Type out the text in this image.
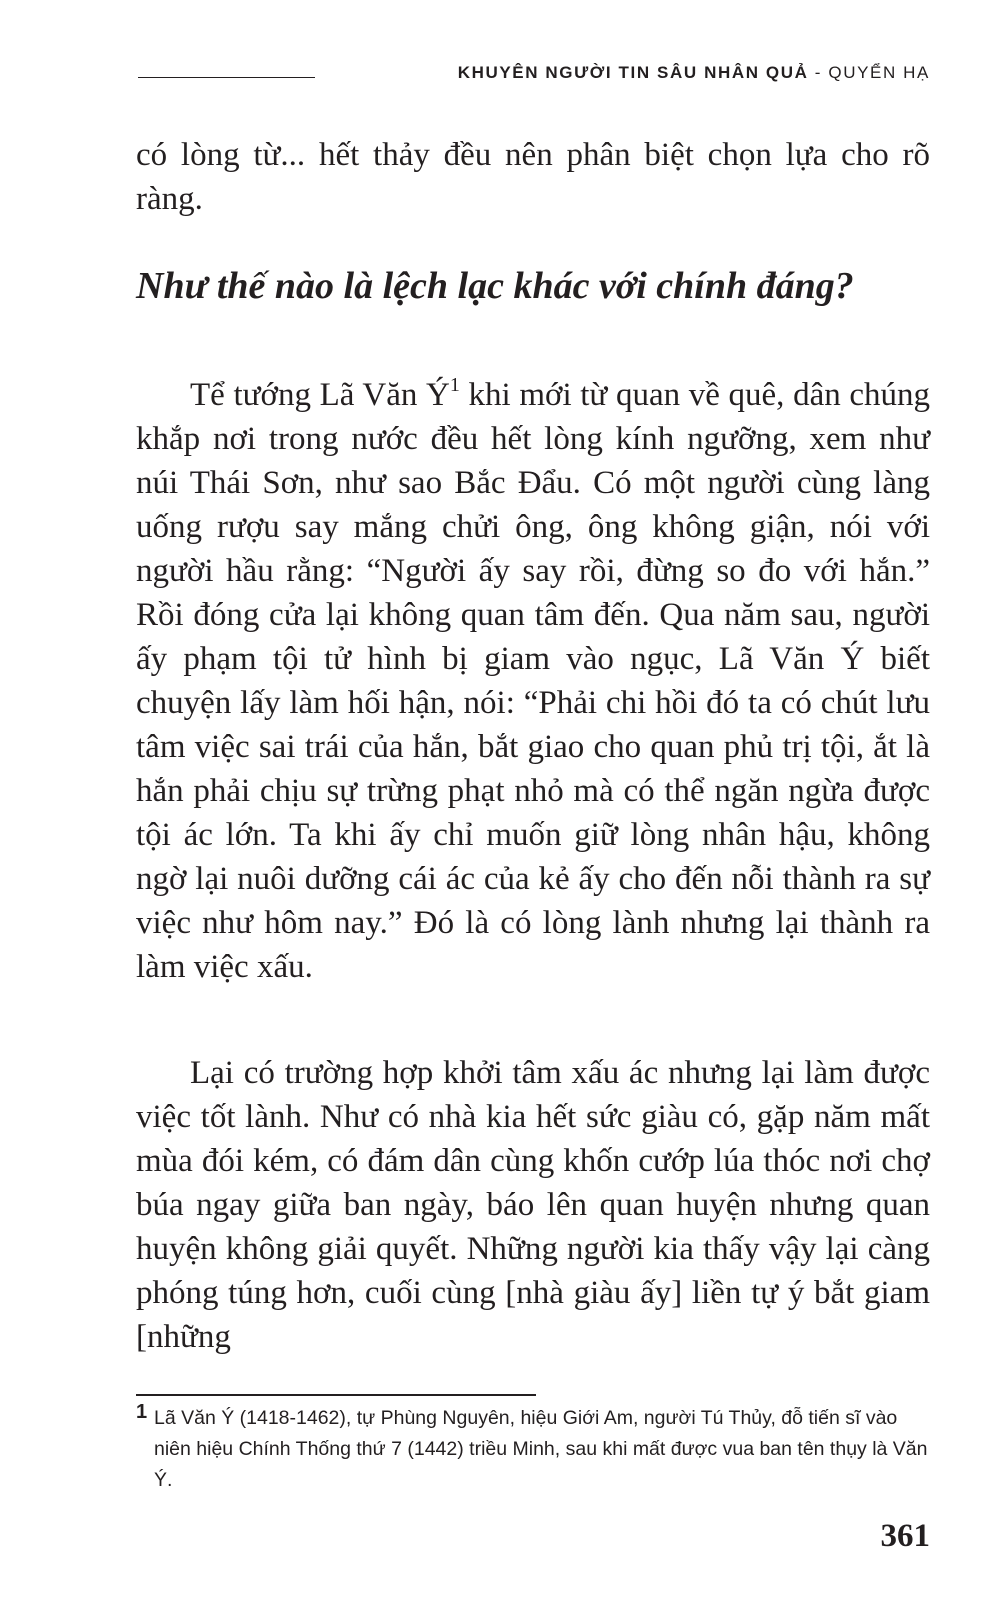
KHUYÊN NGƯỜI TIN SÂU NHÂN QUẢ - QUYỂN HẠ

có lòng từ... hết thảy đều nên phân biệt chọn lựa cho rõ ràng.

Như thế nào là lệch lạc khác với chính đáng?

Tể tướng Lã Văn Ý$^1$ khi mới từ quan về quê, dân chúng khắp nơi trong nước đều hết lòng kính ngưỡng, xem như núi Thái Sơn, như sao Bắc Đẩu. Có một người cùng làng uống rượu say mắng chửi ông, ông không giận, nói với người hầu rằng: “Người ấy say rồi, đừng so đo với hắn.” Rồi đóng cửa lại không quan tâm đến. Qua năm sau, người ấy phạm tội tử hình bị giam vào ngục, Lã Văn Ý biết chuyện lấy làm hối hận, nói: “Phải chi hồi đó ta có chút lưu tâm việc sai trái của hắn, bắt giao cho quan phủ trị tội, ắt là hắn phải chịu sự trừng phạt nhỏ mà có thể ngăn ngừa được tội ác lớn. Ta khi ấy chỉ muốn giữ lòng nhân hậu, không ngờ lại nuôi dưỡng cái ác của kẻ ấy cho đến nỗi thành ra sự việc như hôm nay.” Đó là có lòng lành nhưng lại thành ra làm việc xấu.

Lại có trường hợp khởi tâm xấu ác nhưng lại làm được việc tốt lành. Như có nhà kia hết sức giàu có, gặp năm mất mùa đói kém, có đám dân cùng khốn cướp lúa thóc nơi chợ búa ngay giữa ban ngày, báo lên quan huyện nhưng quan huyện không giải quyết. Những người kia thấy vậy lại càng phóng túng hơn, cuối cùng [nhà giàu ấy] liền tự ý bắt giam [những

1 Lã Văn Ý (1418-1462), tự Phùng Nguyên, hiệu Giới Am, người Tú Thủy, đỗ tiến sĩ vào niên hiệu Chính Thống thứ 7 (1442) triều Minh, sau khi mất được vua ban tên thụy là Văn Ý.
361
